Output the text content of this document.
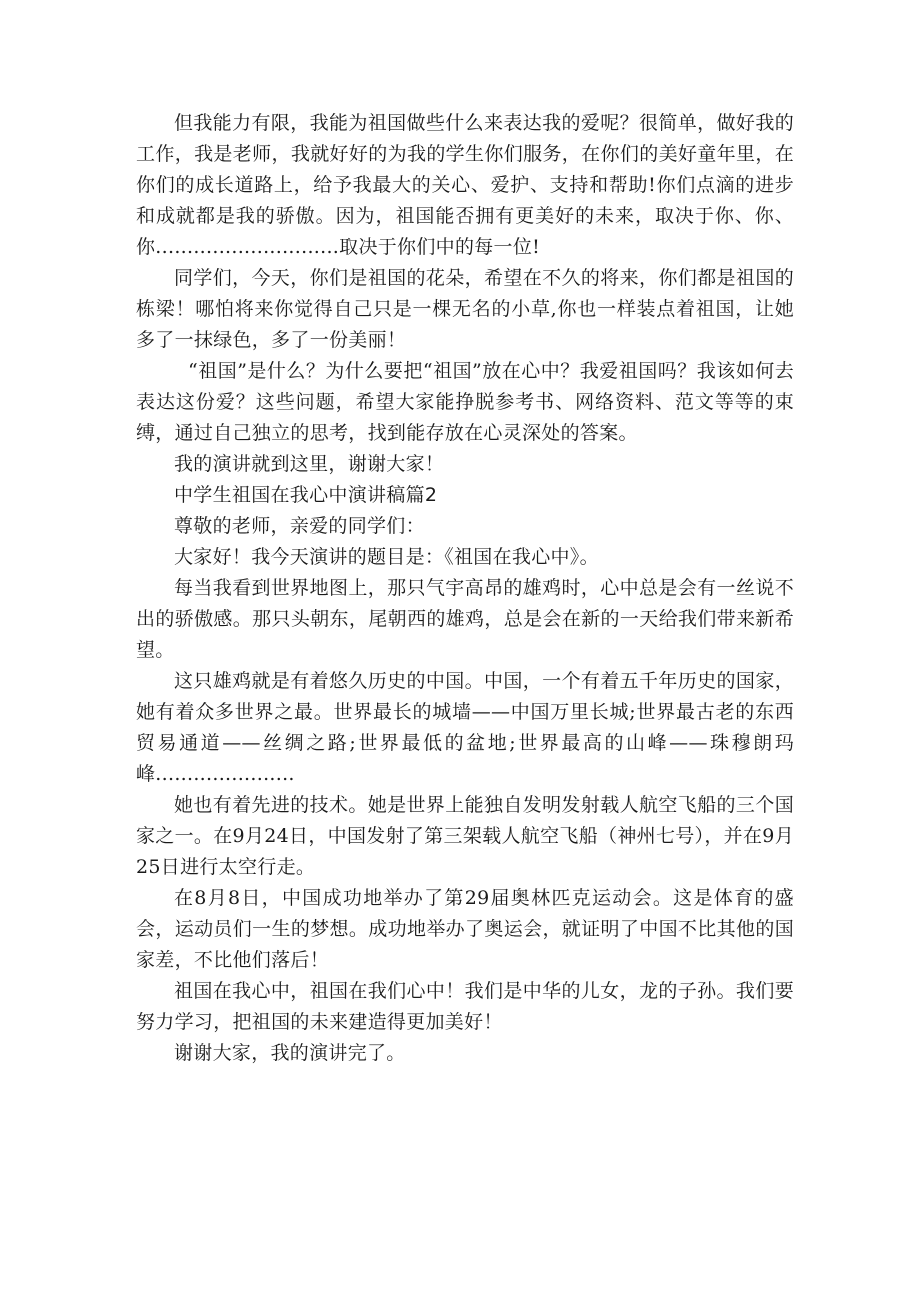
但我能力有限，我能为祖国做些什么来表达我的爱呢？很简单，做好我的工作，我是老师，我就好好的为我的学生你们服务，在你们的美好童年里，在你们的成长道路上，给予我最大的关心、爱护、支持和帮助!你们点滴的进步和成就都是我的骄傲。因为，祖国能否拥有更美好的未来，取决于你、你、你.............................取决于你们中的每一位!

同学们，今天，你们是祖国的花朵，希望在不久的将来，你们都是祖国的栋梁！哪怕将来你觉得自己只是一棵无名的小草,你也一样装点着祖国，让她多了一抹绿色，多了一份美丽！

“祖国”是什么？为什么要把“祖国”放在心中？我爱祖国吗？我该如何去表达这份爱？这些问题，希望大家能挣脱参考书、网络资料、范文等等的束缚，通过自己独立的思考，找到能存放在心灵深处的答案。

我的演讲就到这里，谢谢大家！

中学生祖国在我心中演讲稿篇2

尊敬的老师，亲爱的同学们：

大家好！我今天演讲的题目是：《祖国在我心中》。

每当我看到世界地图上，那只气宇高昂的雄鸡时，心中总是会有一丝说不出的骄傲感。那只头朝东，尾朝西的雄鸡，总是会在新的一天给我们带来新希望。

这只雄鸡就是有着悠久历史的中国。中国，一个有着五千年历史的国家，她有着众多世界之最。世界最长的城墙——中国万里长城;世界最古老的东西贸易通道——丝绸之路;世界最低的盆地;世界最高的山峰——珠穆朗玛峰......................

她也有着先进的技术。她是世界上能独自发明发射载人航空飞船的三个国家之一。在9月24日，中国发射了第三架载人航空飞船（神州七号），并在9月25日进行太空行走。

在8月8日，中国成功地举办了第29届奥林匹克运动会。这是体育的盛会，运动员们一生的梦想。成功地举办了奥运会，就证明了中国不比其他的国家差，不比他们落后！

祖国在我心中，祖国在我们心中！我们是中华的儿女，龙的子孙。我们要努力学习，把祖国的未来建造得更加美好！

谢谢大家，我的演讲完了。
